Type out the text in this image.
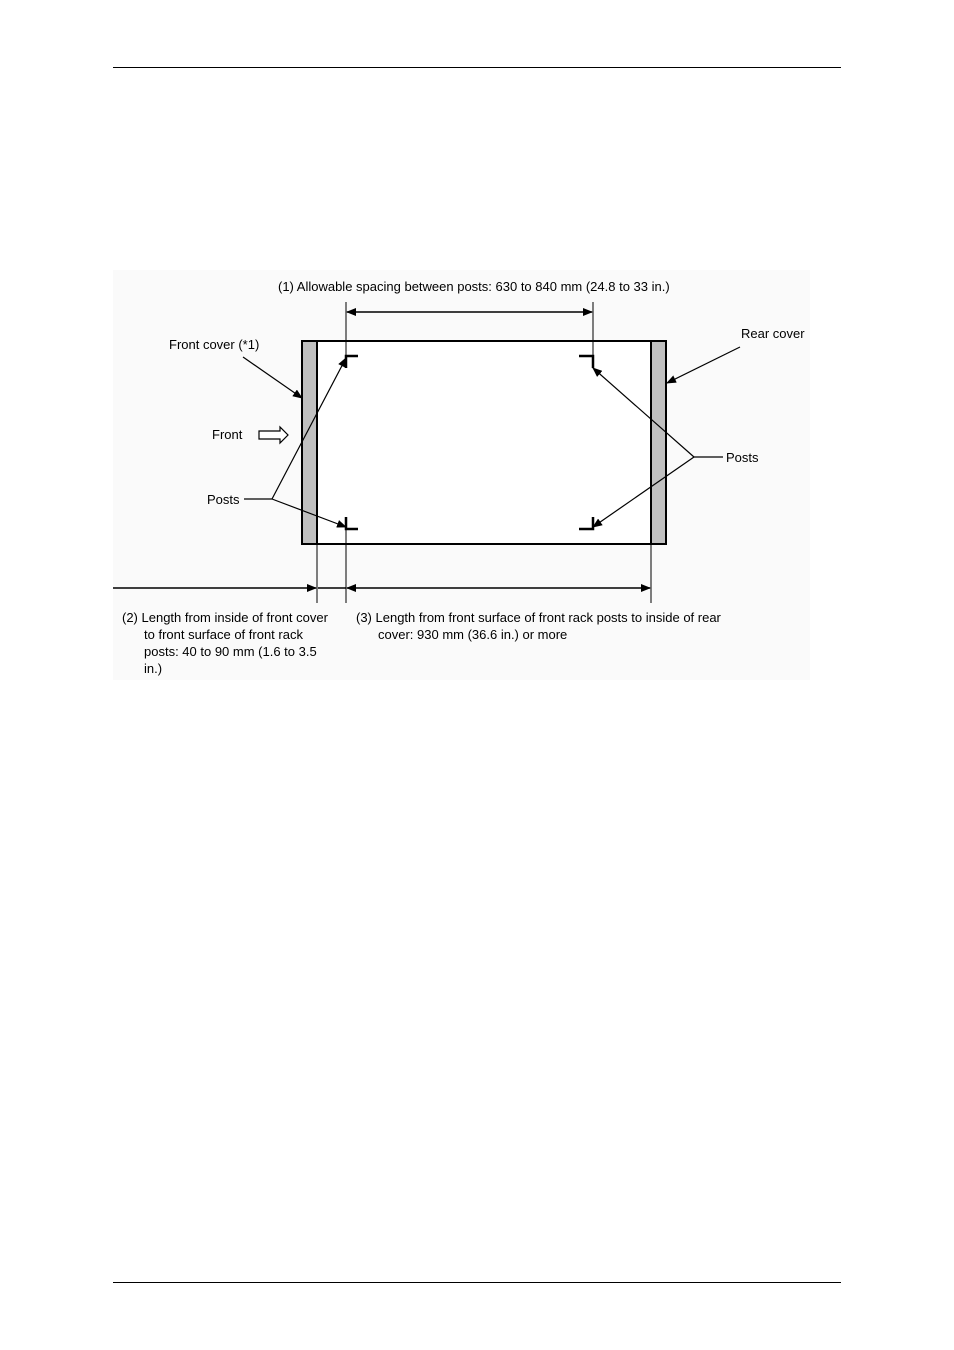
(1) Allowable spacing between posts: 630 to 840 mm (24.8 to 33 in.)
Front cover (*1)
Rear cover
Front
Posts
Posts
(2) Length from inside of front cover to front surface of front rack posts: 40 to 90 mm (1.6 to 3.5 in.)
(3) Length from front surface of front rack posts to inside of rear cover: 930 mm (36.6 in.) or more
